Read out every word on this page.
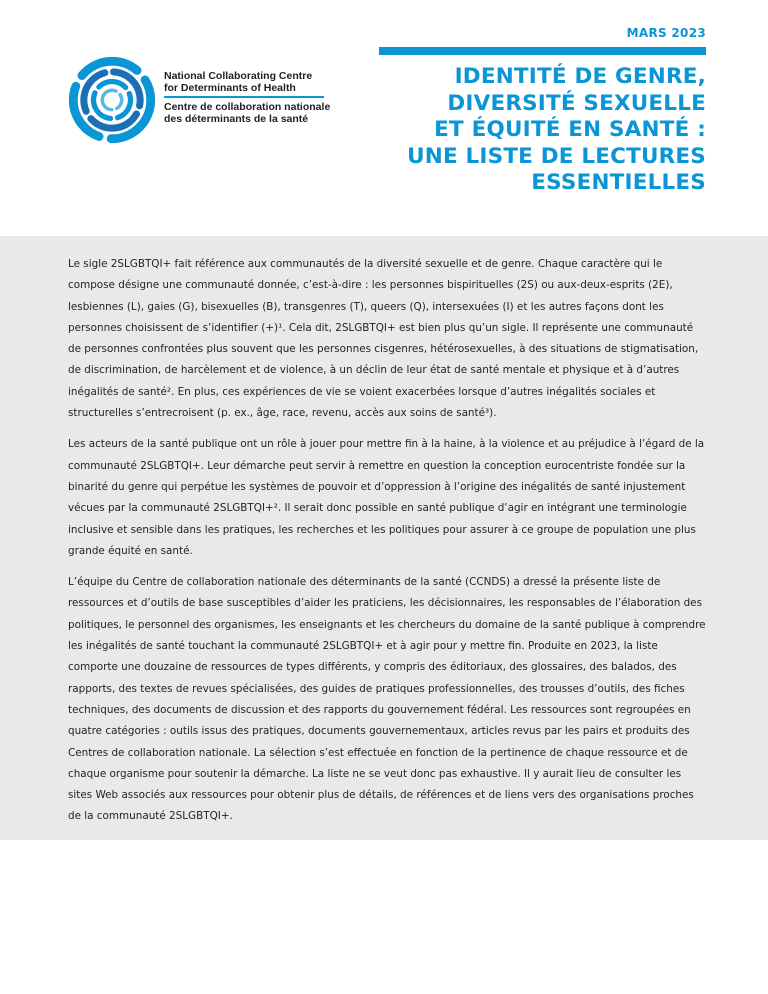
MARS 2023
National Collaborating Centre
for Determinants of Health
Centre de collaboration nationale
des déterminants de la santé
IDENTITÉ DE GENRE,
DIVERSITÉ SEXUELLE
ET ÉQUITÉ EN SANTÉ :
UNE LISTE DE LECTURES
ESSENTIELLES

Le sigle 2SLGBTQI+ fait référence aux communautés de la diversité sexuelle et de genre. Chaque caractère qui le compose désigne une communauté donnée, c’est-à-dire : les personnes bispirituelles (2S) ou aux-deux-esprits (2E), lesbiennes (L), gaies (G), bisexuelles (B), transgenres (T), queers (Q), intersexuées (I) et les autres façons dont les personnes choisissent de s’identifier (+)¹. Cela dit, 2SLGBTQI+ est bien plus qu’un sigle. Il représente une communauté de personnes confrontées plus souvent que les personnes cisgenres, hétérosexuelles, à des situations de stigmatisation, de discrimination, de harcèlement et de violence, à un déclin de leur état de santé mentale et physique et à d’autres inégalités de santé². En plus, ces expériences de vie se voient exacerbées lorsque d’autres inégalités sociales et structurelles s’entrecroisent (p. ex., âge, race, revenu, accès aux soins de santé³).

Les acteurs de la santé publique ont un rôle à jouer pour mettre fin à la haine, à la violence et au préjudice à l’égard de la communauté 2SLGBTQI+. Leur démarche peut servir à remettre en question la conception eurocentriste fondée sur la binarité du genre qui perpétue les systèmes de pouvoir et d’oppression à l’origine des inégalités de santé injustement vécues par la communauté 2SLGBTQI+². Il serait donc possible en santé publique d’agir en intégrant une terminologie inclusive et sensible dans les pratiques, les recherches et les politiques pour assurer à ce groupe de population une plus grande équité en santé.

L’équipe du Centre de collaboration nationale des déterminants de la santé (CCNDS) a dressé la présente liste de ressources et d’outils de base susceptibles d’aider les praticiens, les décisionnaires, les responsables de l’élaboration des politiques, le personnel des organismes, les enseignants et les chercheurs du domaine de la santé publique à comprendre les inégalités de santé touchant la communauté 2SLGBTQI+ et à agir pour y mettre fin. Produite en 2023, la liste comporte une douzaine de ressources de types différents, y compris des éditoriaux, des glossaires, des balados, des rapports, des textes de revues spécialisées, des guides de pratiques professionnelles, des trousses d’outils, des fiches techniques, des documents de discussion et des rapports du gouvernement fédéral. Les ressources sont regroupées en quatre catégories : outils issus des pratiques, documents gouvernementaux, articles revus par les pairs et produits des Centres de collaboration nationale. La sélection s’est effectuée en fonction de la pertinence de chaque ressource et de chaque organisme pour soutenir la démarche. La liste ne se veut donc pas exhaustive. Il y aurait lieu de consulter les sites Web associés aux ressources pour obtenir plus de détails, de références et de liens vers des organisations proches de la communauté 2SLGBTQI+.
